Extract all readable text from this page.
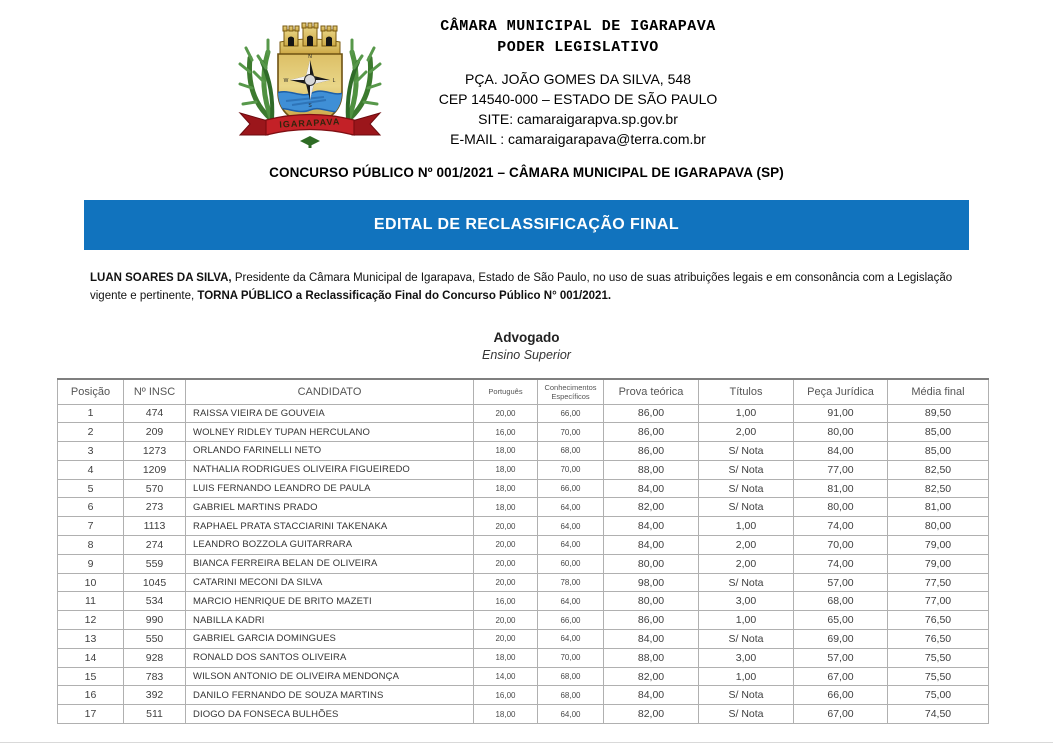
N
W	L
S
IGARAPAVA
CÂMARA MUNICIPAL DE IGARAPAVA
PODER LEGISLATIVO
PÇA. JOÃO GOMES DA SILVA, 548
CEP 14540-000 – ESTADO DE SÃO PAULO
SITE: camaraigarapva.sp.gov.br
E-MAIL : camaraigarapava@terra.com.br
CONCURSO PÚBLICO Nº 001/2021 – CÂMARA MUNICIPAL DE IGARAPAVA (SP)
EDITAL DE RECLASSIFICAÇÃO FINAL

LUAN SOARES DA SILVA, Presidente da Câmara Municipal de Igarapava, Estado de São Paulo, no uso de suas atribuições legais e em consonância com a Legislação vigente e pertinente, TORNA PÚBLICO a Reclassificação Final do Concurso Público N° 001/2021.

Advogado
Ensino Superior
Posição	Nº INSC	CANDIDATO	Português	Conhecimentos Específicos	Prova teórica	Títulos	Peça Jurídica	Média final
1	474	RAISSA VIEIRA DE GOUVEIA	20,00	66,00	86,00	1,00	91,00	89,50
2	209	WOLNEY RIDLEY TUPAN HERCULANO	16,00	70,00	86,00	2,00	80,00	85,00
3	1273	ORLANDO FARINELLI NETO	18,00	68,00	86,00	S/ Nota	84,00	85,00
4	1209	NATHALIA RODRIGUES OLIVEIRA FIGUEIREDO	18,00	70,00	88,00	S/ Nota	77,00	82,50
5	570	LUIS FERNANDO LEANDRO DE PAULA	18,00	66,00	84,00	S/ Nota	81,00	82,50
6	273	GABRIEL MARTINS PRADO	18,00	64,00	82,00	S/ Nota	80,00	81,00
7	1113	RAPHAEL PRATA STACCIARINI TAKENAKA	20,00	64,00	84,00	1,00	74,00	80,00
8	274	LEANDRO BOZZOLA GUITARRARA	20,00	64,00	84,00	2,00	70,00	79,00
9	559	BIANCA FERREIRA BELAN DE OLIVEIRA	20,00	60,00	80,00	2,00	74,00	79,00
10	1045	CATARINI MECONI DA SILVA	20,00	78,00	98,00	S/ Nota	57,00	77,50
11	534	MARCIO HENRIQUE DE BRITO MAZETI	16,00	64,00	80,00	3,00	68,00	77,00
12	990	NABILLA KADRI	20,00	66,00	86,00	1,00	65,00	76,50
13	550	GABRIEL GARCIA DOMINGUES	20,00	64,00	84,00	S/ Nota	69,00	76,50
14	928	RONALD DOS SANTOS OLIVEIRA	18,00	70,00	88,00	3,00	57,00	75,50
15	783	WILSON ANTONIO DE OLIVEIRA MENDONÇA	14,00	68,00	82,00	1,00	67,00	75,50
16	392	DANILO FERNANDO DE SOUZA MARTINS	16,00	68,00	84,00	S/ Nota	66,00	75,00
17	511	DIOGO DA FONSECA BULHÕES	18,00	64,00	82,00	S/ Nota	67,00	74,50
